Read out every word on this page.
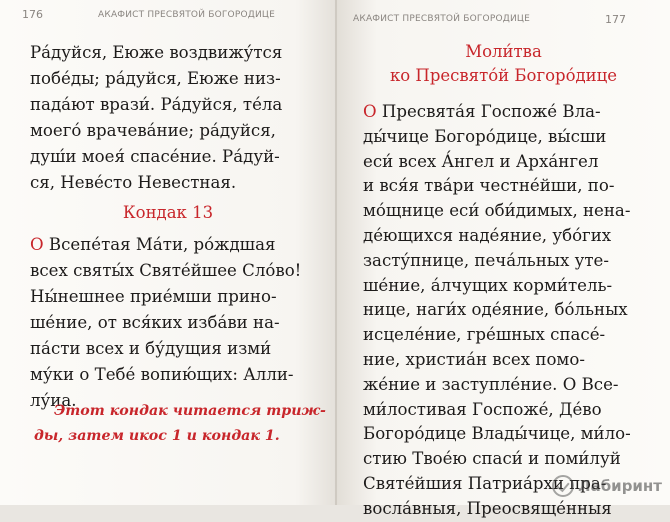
176	АКАФИСТ ПРЕСВЯТОЙ БОГОРОДИЦЕ
Ра́дуйся, Еюже воздвижу́тся
побе́ды; ра́дуйся, Еюже низ-
пада́ют врази́. Ра́дуйся, те́ла
моего́ врачева́ние; ра́дуйся,
душ́и моея́ спасе́ние. Ра́дуй-
ся, Неве́сто Невестная.
Кондак 13
О Всепе́тая Ма́ти, ро́ждшая
всех святы́х Святе́йшее Сло́во!
Ны́нешнее прие́мши прино-
ше́ние, от вся́ких изба́ви на-
па́сти всех и бу́дущия изми́
му́ки о Тебе́ вопию́щих: Алли-
лу́иа.
Этот кондак читается триж-
ды, затем икос 1 и кондак 1.
АКАФИСТ ПРЕСВЯТОЙ БОГОРОДИЦЕ	177
Моли́тва
ко Пресвято́й Богоро́дице
О Пресвята́я Госпоже́ Вла-
ды́чице Богоро́дице, вы́сши
еси́ всех А́нгел и Арха́нгел
и вся́я тва́ри честне́йши, по-
мо́щнице еси́ оби́димых, нена-
де́ющихся наде́яние, убо́гих
засту́пнице, печа́льных уте-
ше́ние, а́лчущих корми́тель-
нице, наги́х оде́яние, бо́льных
исцеле́ние, гре́шных спасе́-
ние, христиа́н всех помо-
же́ние и заступле́ние. О Все-
ми́лостивая Госпоже́, Де́во
Богоро́дице Влады́чице, ми́ло-
стию Твое́ю спаси́ и поми́луй
Святе́йшия Патриа́рхи пра-
восла́вныя, Преосвяще́нныя
Лабиринт
